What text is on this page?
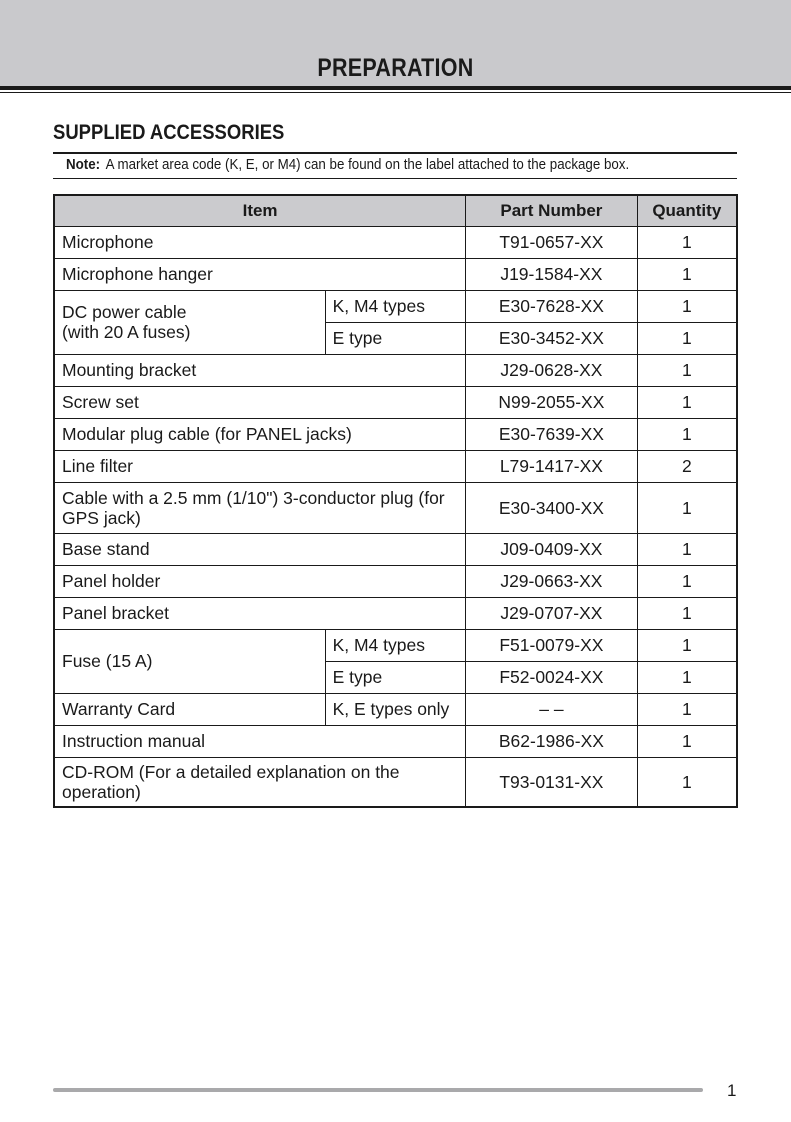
PREPARATION
SUPPLIED ACCESSORIES
Note: A market area code (K, E, or M4) can be found on the label attached to the package box.
Item		Part Number	Quantity
Microphone		T91-0657-XX	1
Microphone hanger		J19-1584-XX	1
DC power cable
(with 20 A fuses)	K, M4 types	E30-7628-XX	1
	E type	E30-3452-XX	1
Mounting bracket		J29-0628-XX	1
Screw set		N99-2055-XX	1
Modular plug cable (for PANEL jacks)		E30-7639-XX	1
Line filter		L79-1417-XX	2
Cable with a 2.5 mm (1/10") 3-conductor plug (for GPS jack)		E30-3400-XX	1
Base stand		J09-0409-XX	1
Panel holder		J29-0663-XX	1
Panel bracket		J29-0707-XX	1
Fuse (15 A)	K, M4 types	F51-0079-XX	1
	E type	F52-0024-XX	1
Warranty Card	K, E types only	– –	1
Instruction manual		B62-1986-XX	1
CD-ROM (For a detailed explanation on the operation)		T93-0131-XX	1
1
